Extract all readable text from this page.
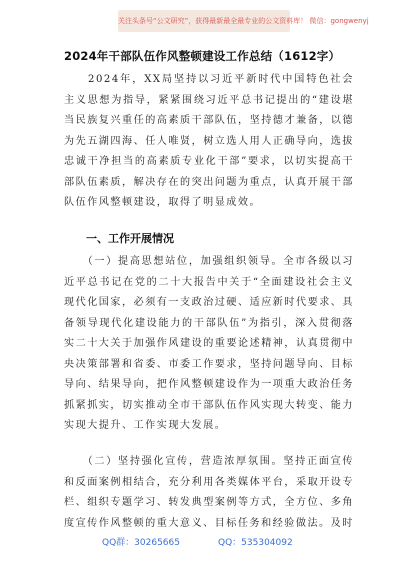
关注头条号“公文研究”，获得最新最全最专业的公文资料库！ 微信：gongwenyj
2024年干部队伍作风整顿建设工作总结（1612字）
　　2024年，XX局坚持以习近平新时代中国特色社会主义思想为指导，紧紧围绕习近平总书记提出的“建设堪当民族复兴重任的高素质干部队伍，坚持德才兼备，以德为先五湖四海、任人唯贤，树立选人用人正确导向，选拔忠诚干净担当的高素质专业化干部”要求，以切实提高干部队伍素质，解决存在的突出问题为重点，认真开展干部队伍作风整顿建设，取得了明显成效。
一、工作开展情况
　　（一）提高思想站位，加强组织领导。全市各级以习近平总书记在党的二十大报告中关于“全面建设社会主义现代化国家，必须有一支政治过硬、适应新时代要求、具备领导现代化建设能力的干部队伍”为指引，深入贯彻落实二十大关于加强作风建设的重要论述精神，认真贯彻中央决策部署和省委、市委工作要求，坚持问题导向、目标导向、结果导向，把作风整顿建设作为一项重大政治任务抓紧抓实，切实推动全市干部队伍作风实现大转变、能力实现大提升、工作实现大发展。
　　（二）坚持强化宣传，营造浓厚氛围。坚持正面宣传和反面案例相结合，充分利用各类媒体平台，采取开设专栏、组织专题学习、转发典型案例等方式，全方位、多角度宣传作风整顿的重大意义、目标任务和经验做法。及时
QQ群：30265665	QQ：535304092
